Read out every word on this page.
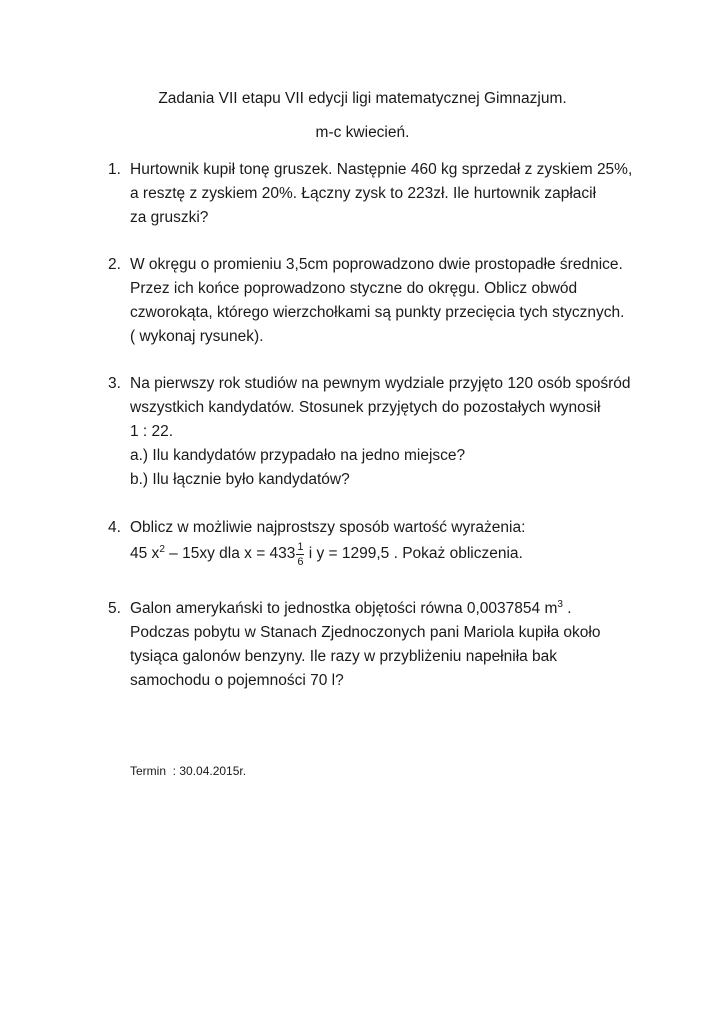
Zadania VII etapu VII edycji ligi matematycznej Gimnazjum.
m-c kwiecień.
1. Hurtownik kupił tonę gruszek. Następnie 460 kg sprzedał z zyskiem 25%,
a resztę z zyskiem 20%. Łączny zysk to 223zł. Ile hurtownik zapłacił
za gruszki?
2. W okręgu o promieniu 3,5cm poprowadzono dwie prostopadłe średnice.
Przez ich końce poprowadzono styczne do okręgu. Oblicz obwód
czworokąta, którego wierzchołkami są punkty przecięcia tych stycznych.
( wykonaj rysunek).
3. Na pierwszy rok studiów na pewnym wydziale przyjęto 120 osób spośród
wszystkich kandydatów. Stosunek przyjętych do pozostałych wynosił
1 : 22.
a.) Ilu kandydatów przypadało na jedno miejsce?
b.) Ilu łącznie było kandydatów?
4. Oblicz w możliwie najprostszy sposób wartość wyrażenia:
45 $x^2 - 15xy$ dla $x = 433 \frac{1}{6}$ i y = 1299,5 . Pokaż obliczenia.
5. Galon amerykański to jednostka objętości równa 0,0037854 $m^3$ .
Podczas pobytu w Stanach Zjednoczonych pani Mariola kupiła około
tysiąca galonów benzyny. Ile razy w przybliżeniu napełniła bak
samochodu o pojemności 70 l?
Termin  : 30.04.2015r.
